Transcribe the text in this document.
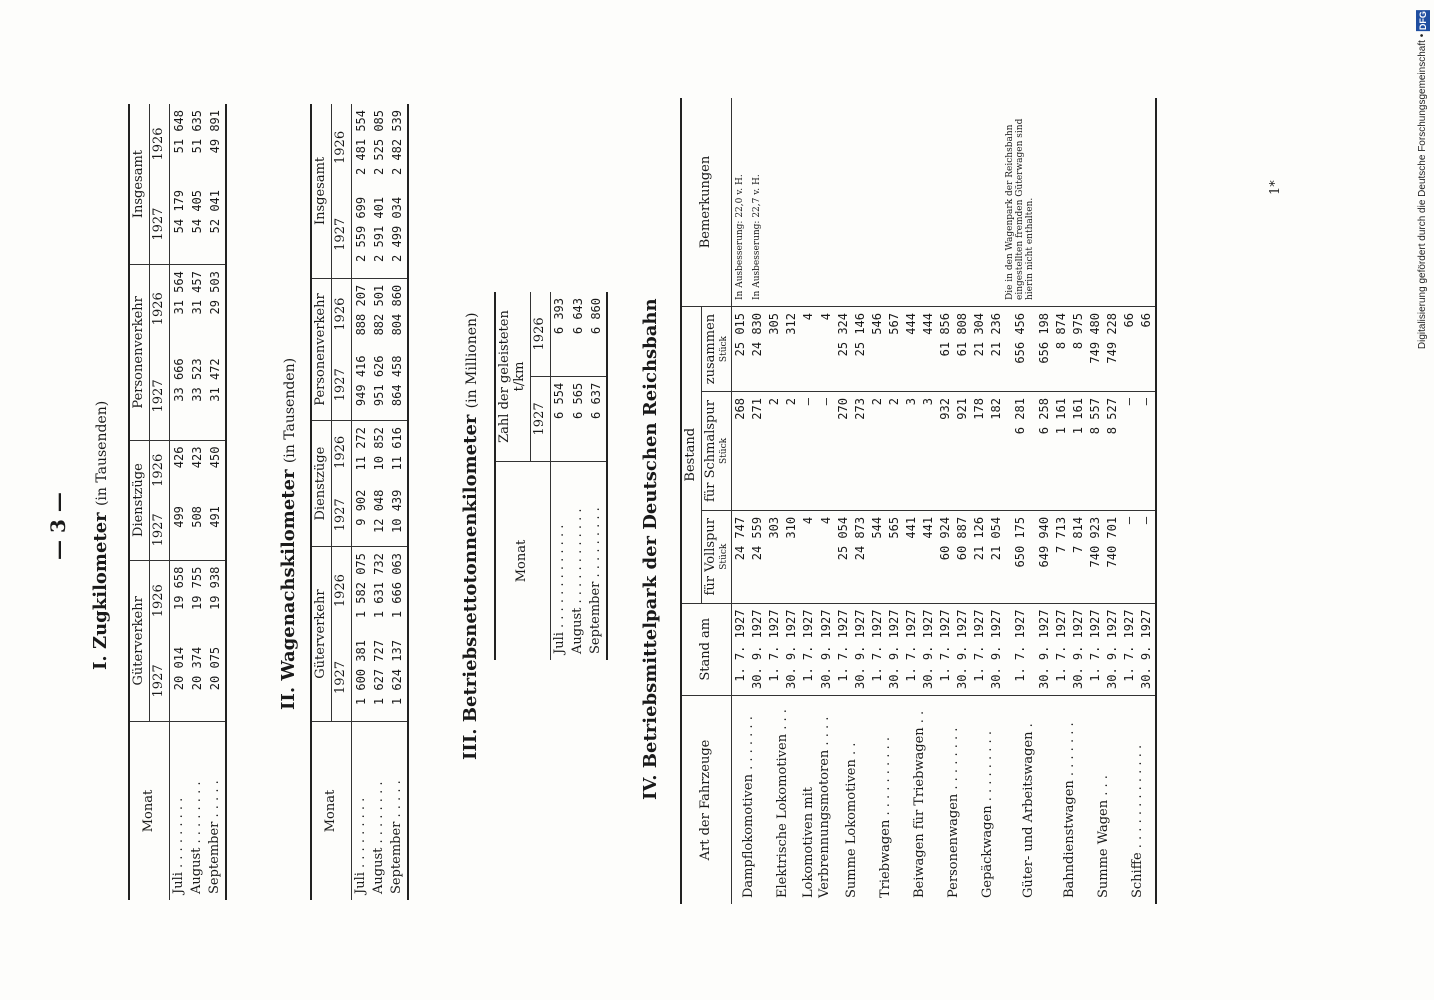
— 3 — I. Zugkilometer (in Tausenden)
Monat	Güterverkehr		Dienstzüge		Personenverkehr		Insgesamt	
	1927	1926	1927	1926	1927	1926	1927	1926
Juli . . . . . . . . .	20 014	19 658	499	426	33 666	31 564	54 179	51 648
August . . . . . . . .	20 374	19 755	508	423	33 523	31 457	54 405	51 635
September . . . . .	20 075	19 938	491	450	31 472	29 503	52 041	49 891
II. Wagenachskilometer (in Tausenden)
Monat	Güterverkehr		Dienstzüge		Personenverkehr		Insgesamt	
	1927	1926	1927	1926	1927	1926	1927	1926
Juli . . . . . . . . .	1 600 381	1 582 075	9 902	11 272	949 416	888 207	2 559 699	2 481 554
August . . . . . . . .	1 627 727	1 631 732	12 048	10 852	951 626	882 501	2 591 401	2 525 085
September . . . . .	1 624 137	1 666 063	10 439	11 616	864 458	804 860	2 499 034	2 482 539
III. Betriebsnettotonnenkilometer (in Millionen)
Monat	Zahl der geleisteten t/km	
	1927	1926
Juli . . . . . . . . . . . . .	6 554	6 393
August . . . . . . . . . . . .	6 565	6 643
September . . . . . . . . .	6 637	6 860 IV. Betriebsmittelpark der Deutschen Reichsbahn
Art der Fahrzeuge	Stand am	Bestand			Bemerkungen
		für Vollspur Stück	für Schmalspur Stück	zusammen Stück	

Dampflokomotiven . . . . . . .	1. 7. 1927	24 747	268	25 015	In Ausbesserung: 22,0 v. H.
	30. 9. 1927	24 559	271	24 830	In Ausbesserung: 22,7 v. H.
Elektrische Lokomotiven . . .	1. 7. 1927	303	2	305	
	30. 9. 1927	310	2	312	
Lokomotiven mit Verbrennungsmotoren . . . .	1. 7. 1927	4	—	4	
	30. 9. 1927	4	—	4	
Summe Lokomotiven . .	1. 7. 1927	25 054	270	25 324	
	30. 9. 1927	24 873	273	25 146	
Triebwagen . . . . . . . . . .	1. 7. 1927	544	2	546	
	30. 9. 1927	565	2	567	
Beiwagen für Triebwagen . .	1. 7. 1927	441	3	444	
	30. 9. 1927	441	3	444	
Personenwagen . . . . . . . .	1. 7. 1927	60 924	932	61 856	
	30. 9. 1927	60 887	921	61 808	
Gepäckwagen . . . . . . . . .	1. 7. 1927	21 126	178	21 304	
	30. 9. 1927	21 054	182	21 236	
Güter- und Arbeitswagen .	1. 7. 1927	650 175	6 281	656 456	Die in den Wagenpark der Reichsbahn eingestellten fremden Güterwagen sind hierin nicht enthalten.
	30. 9. 1927	649 940	6 258	656 198	
Bahndienstwagen . . . . . . .	1. 7. 1927	7 713	1 161	8 874	
	30. 9. 1927	7 814	1 161	8 975	
Summe Wagen . . .	1. 7. 1927	740 923	8 557	749 480	
	30. 9. 1927	740 701	8 527	749 228	
Schiffe . . . . . . . . . . . . .	1. 7. 1927	—	—	66	
	30. 9. 1927	—	—	66	
1*	Digitalisierung gefördert durch die Deutsche Forschungsgemeinschaft • DFG
